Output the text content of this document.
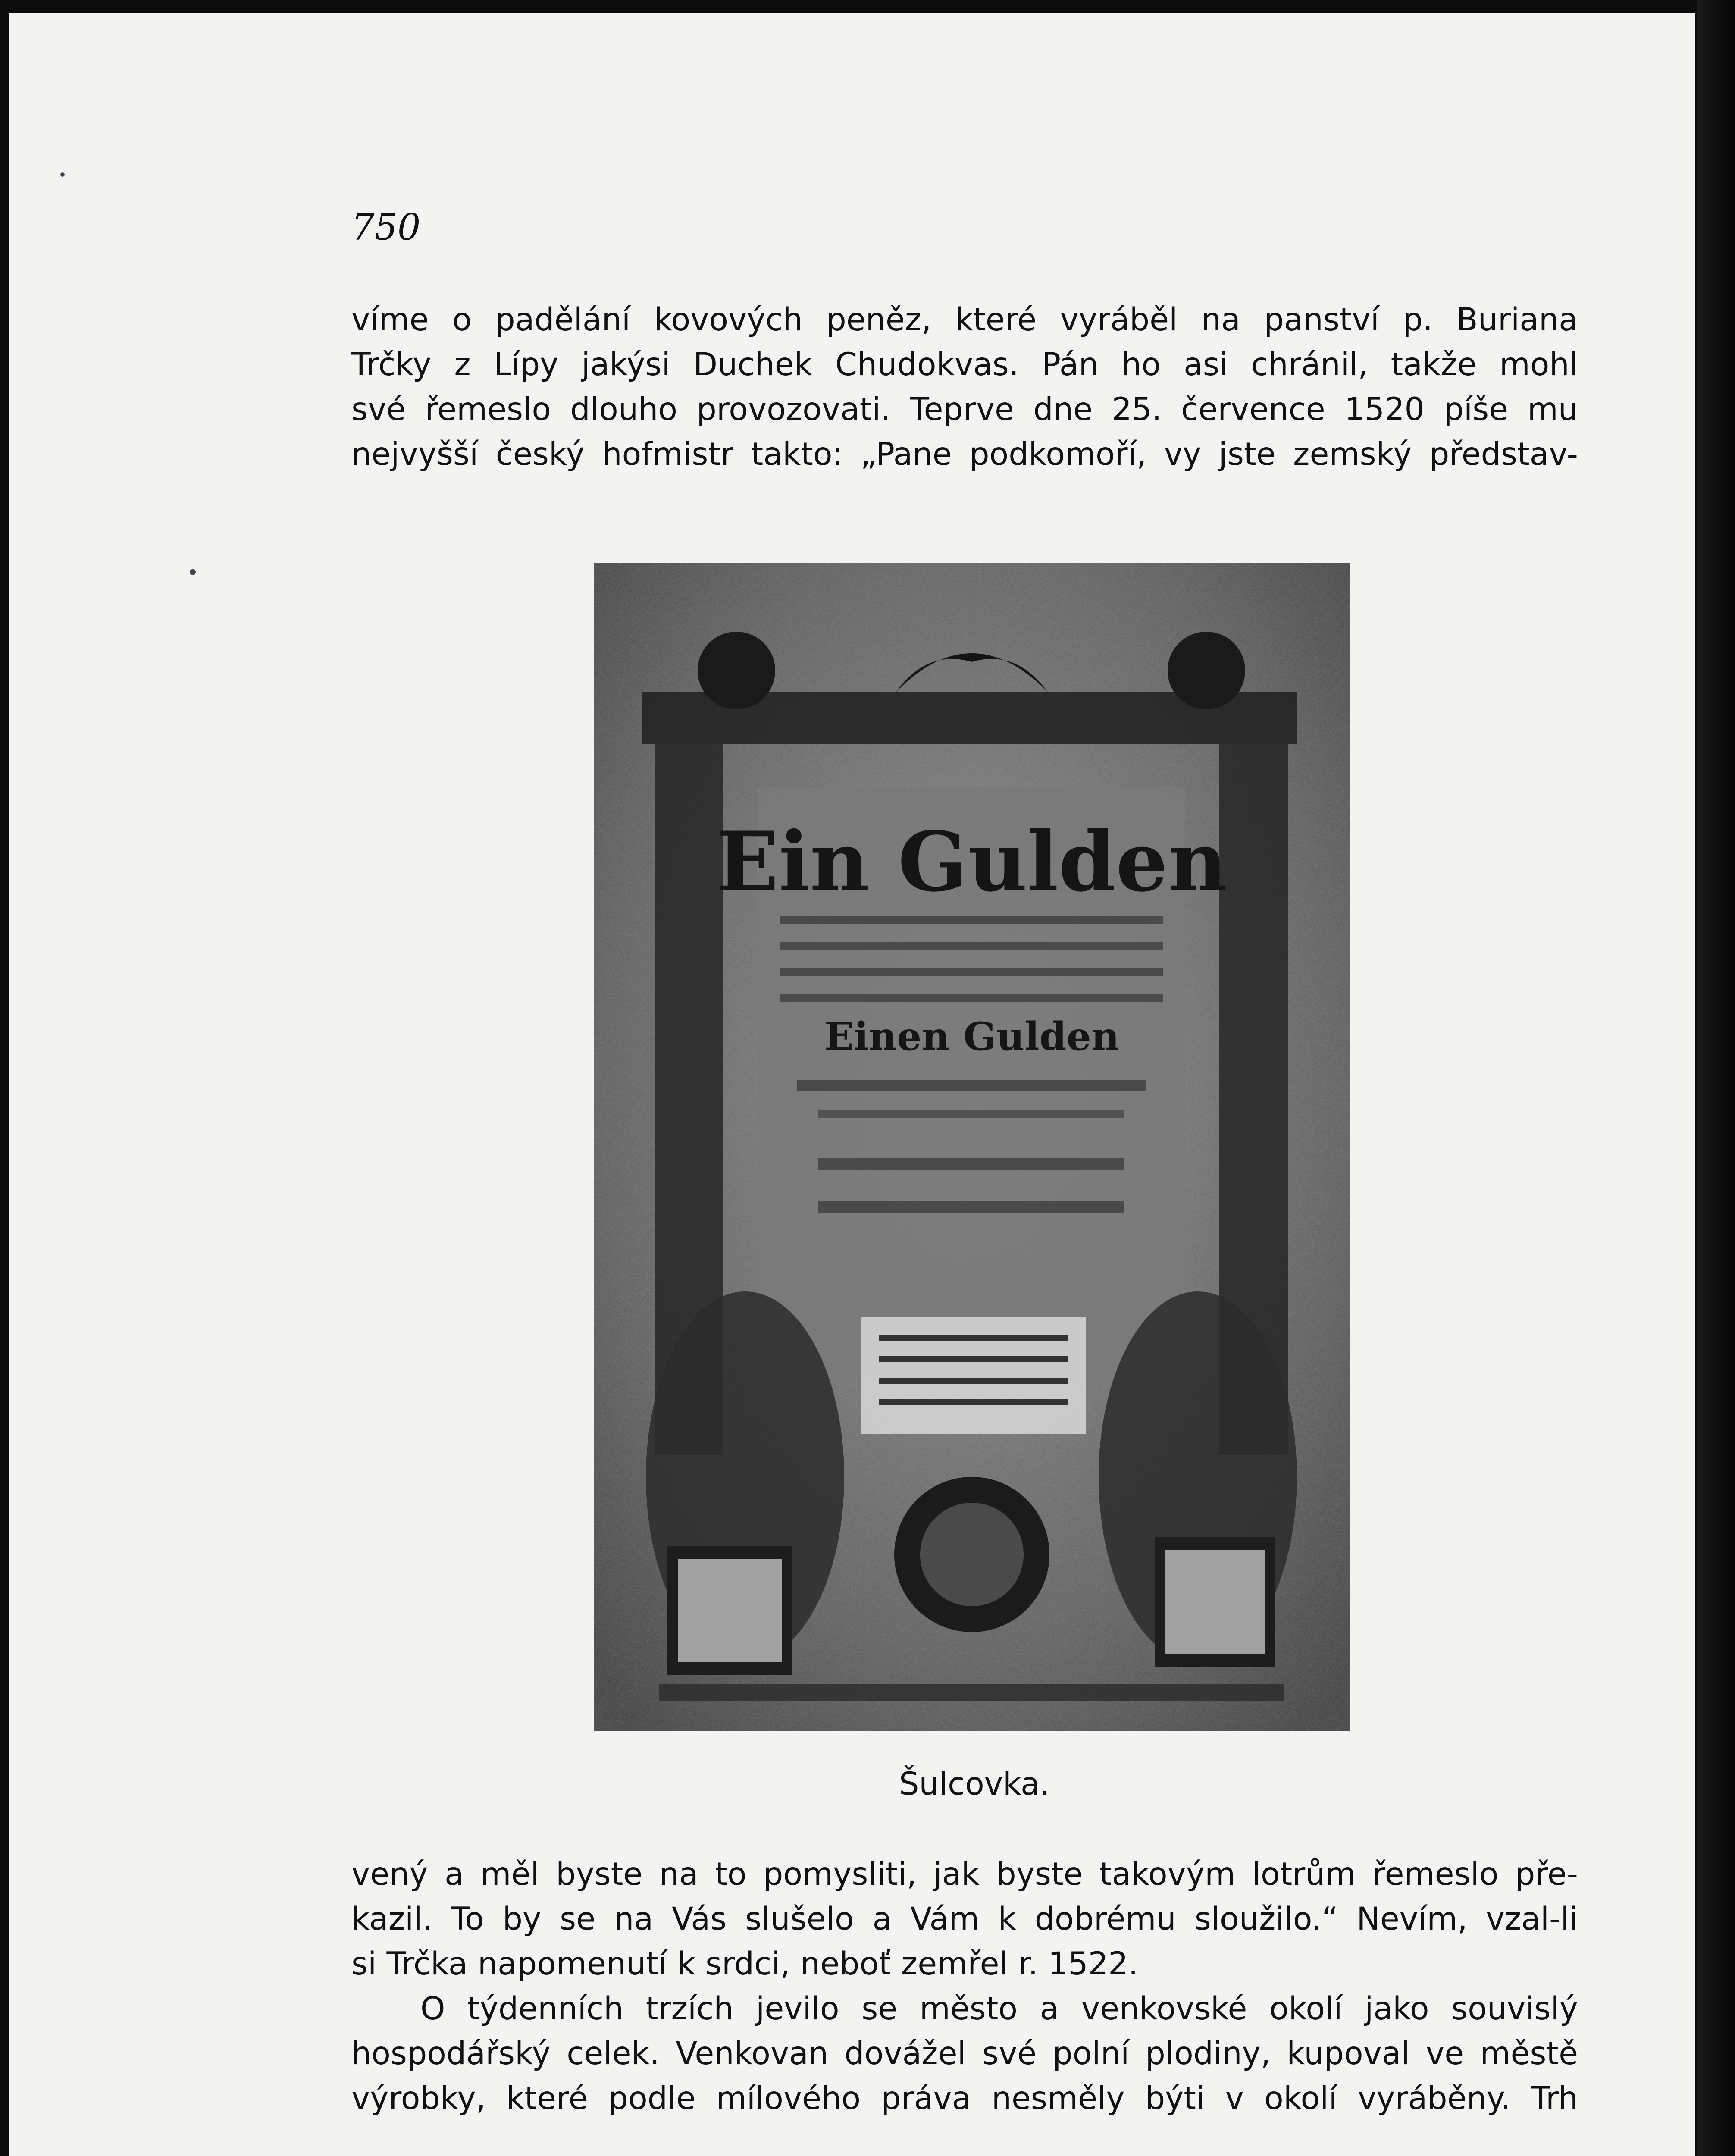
750
víme o padělání kovových peněz, které vyráběl na panství p. Buriana
Trčky z Lípy jakýsi Duchek Chudokvas. Pán ho asi chránil, takže mohl
své řemeslo dlouho provozovati. Teprve dne 25. července 1520 píše mu
nejvyšší český hofmistr takto: „Pane podkomoří, vy jste zemský představ-
Ein Gulden
Einen Gulden
Šulcovka.
vený a měl byste na to pomysliti, jak byste takovým lotrům řemeslo pře-
kazil. To by se na Vás slušelo a Vám k dobrému sloužilo.“ Nevím, vzal-li
si Trčka napomenutí k srdci, neboť zemřel r. 1522.
O týdenních trzích jevilo se město a venkovské okolí jako souvislý
hospodářský celek. Venkovan dovážel své polní plodiny, kupoval ve městě
výrobky, které podle mílového práva nesměly býti v okolí vyráběny. Trh
